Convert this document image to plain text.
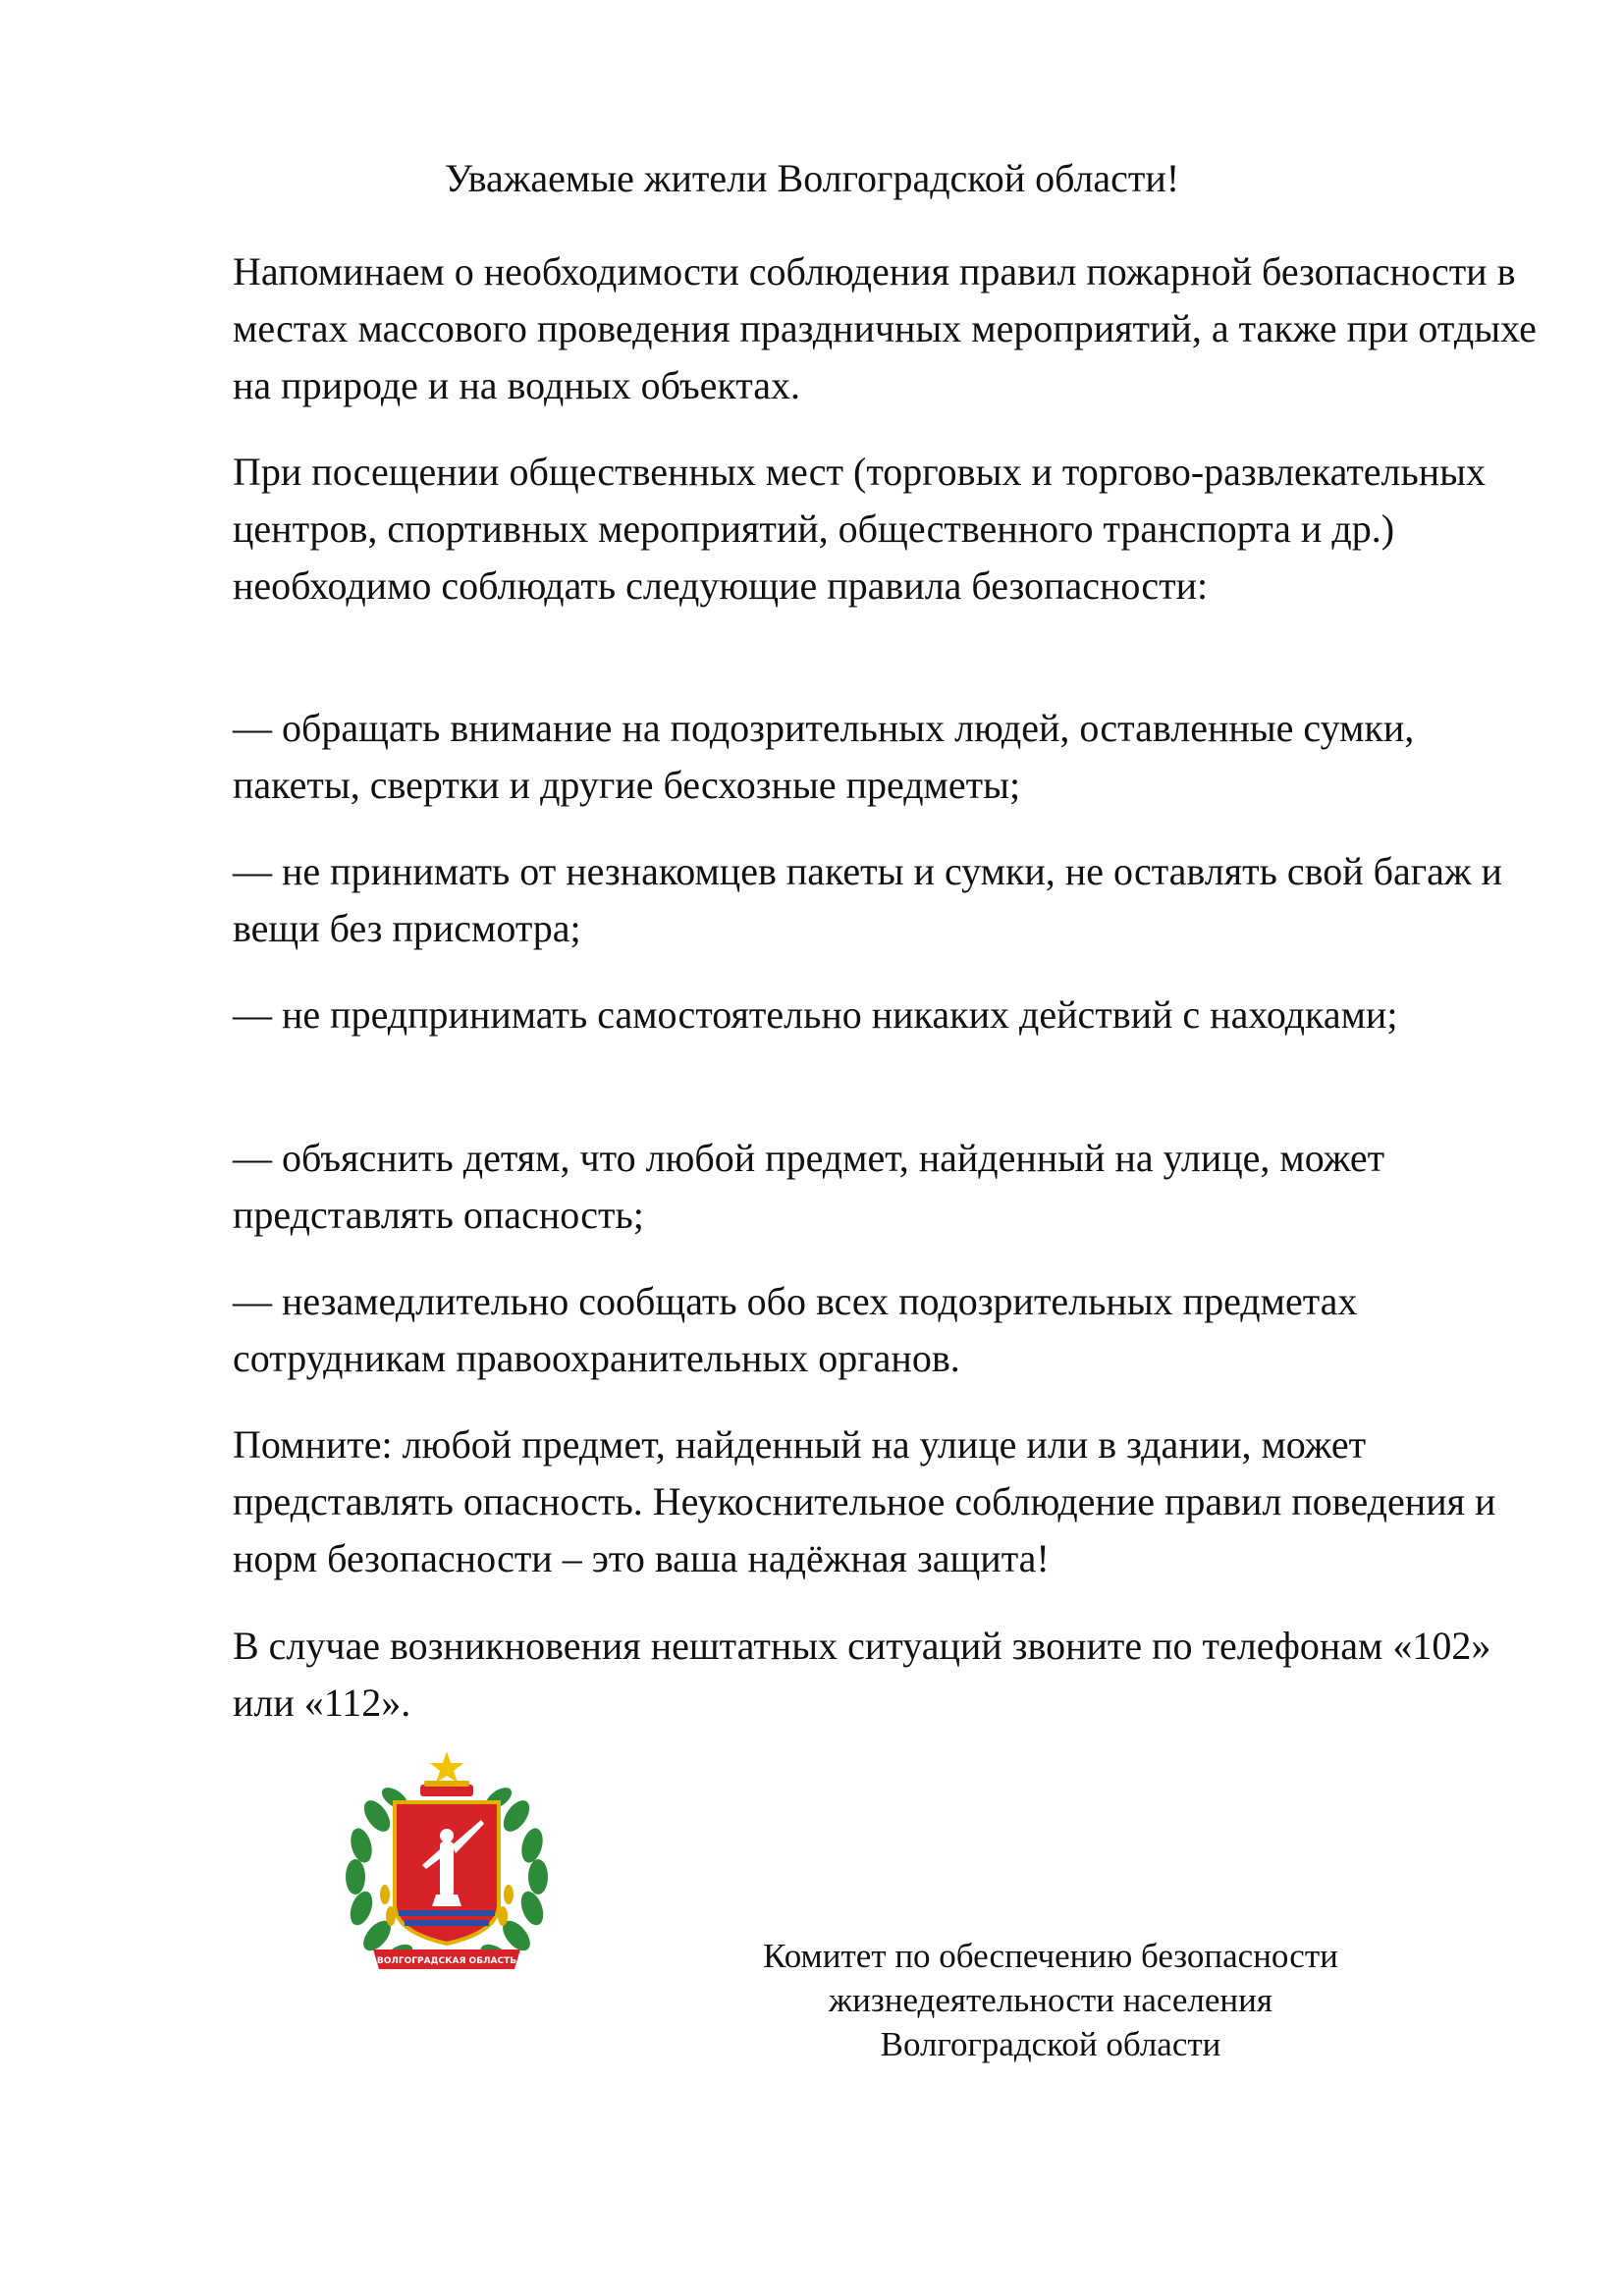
Уважаемые жители Волгоградской области!

Напоминаем о необходимости соблюдения правил пожарной безопасности в местах массового проведения праздничных мероприятий, а также при отдыхе на природе и на водных объектах.

При посещении общественных мест (торговых и торгово-развлекательных центров, спортивных мероприятий, общественного транспорта и др.) необходимо соблюдать следующие правила безопасности:

— обращать внимание на подозрительных людей, оставленные сумки, пакеты, свертки и другие бесхозные предметы;

— не принимать от незнакомцев пакеты и сумки, не оставлять свой багаж и вещи без присмотра;

— не предпринимать самостоятельно никаких действий с находками;

— объяснить детям, что любой предмет, найденный на улице, может представлять опасность;

— незамедлительно сообщать обо всех подозрительных предметах сотрудникам правоохранительных органов.

Помните: любой предмет, найденный на улице или в здании, может представлять опасность. Неукоснительное соблюдение правил поведения и норм безопасности – это ваша надёжная защита!

В случае возникновения нештатных ситуаций звоните по телефонам «102» или «112».

ВОЛГОГРАДСКАЯ ОБЛАСТЬ	Комитет по обеспечению безопасности
жизнедеятельности населения
Волгоградской области
